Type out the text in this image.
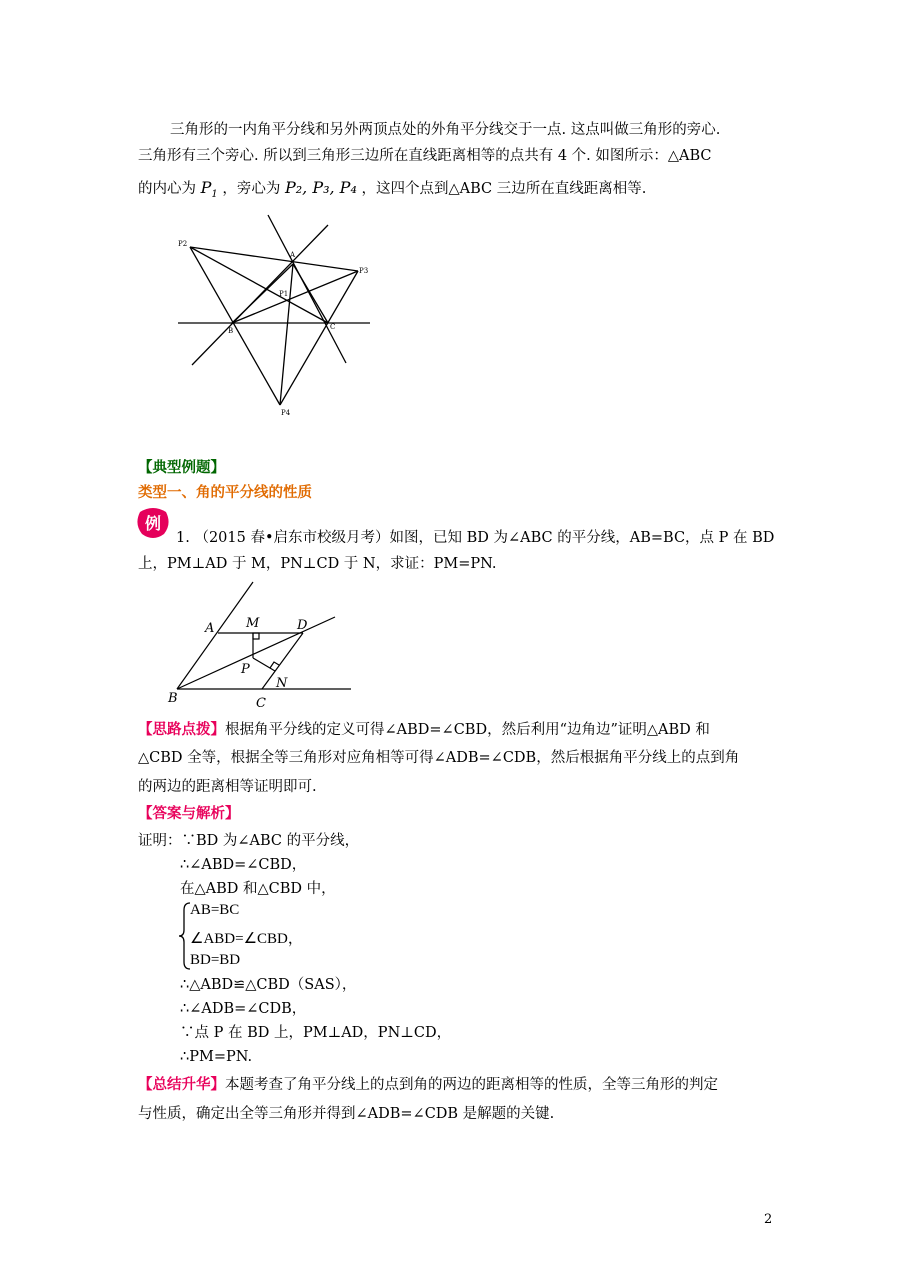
三角形的一内角平分线和另外两顶点处的外角平分线交于一点. 这点叫做三角形的旁心.
三角形有三个旁心. 所以到三角形三边所在直线距离相等的点共有 4 个. 如图所示：△ABC
的内心为 $P_1$ ，旁心为 P₂, P₃, P₄ ，这四个点到△ABC 三边所在直线距离相等.
P2
A
P3
P1
B	C
P4
【典型例题】
类型一、角的平分线的性质
例
1. （2015 春•启东市校级月考）如图，已知 BD 为∠ABC 的平分线，AB=BC，点 P 在 BD
上，PM⊥AD 于 M，PN⊥CD 于 N，求证：PM=PN.
A M	D
P
N
B	C
【思路点拨】根据角平分线的定义可得∠ABD=∠CBD，然后利用“边角边”证明△ABD 和
△CBD 全等，根据全等三角形对应角相等可得∠ADB=∠CDB，然后根据角平分线上的点到角
的两边的距离相等证明即可.
【答案与解析】
证明：∵BD 为∠ABC 的平分线，
∴∠ABD=∠CBD，
在△ABD 和△CBD 中，
AB=BC
∠ABD=∠CBD，
BD=BD
∴△ABD≌△CBD（SAS），
∴∠ADB=∠CDB，
∵点 P 在 BD 上，PM⊥AD，PN⊥CD，
∴PM=PN.
【总结升华】本题考查了角平分线上的点到角的两边的距离相等的性质，全等三角形的判定
与性质，确定出全等三角形并得到∠ADB=∠CDB 是解题的关键.
2
